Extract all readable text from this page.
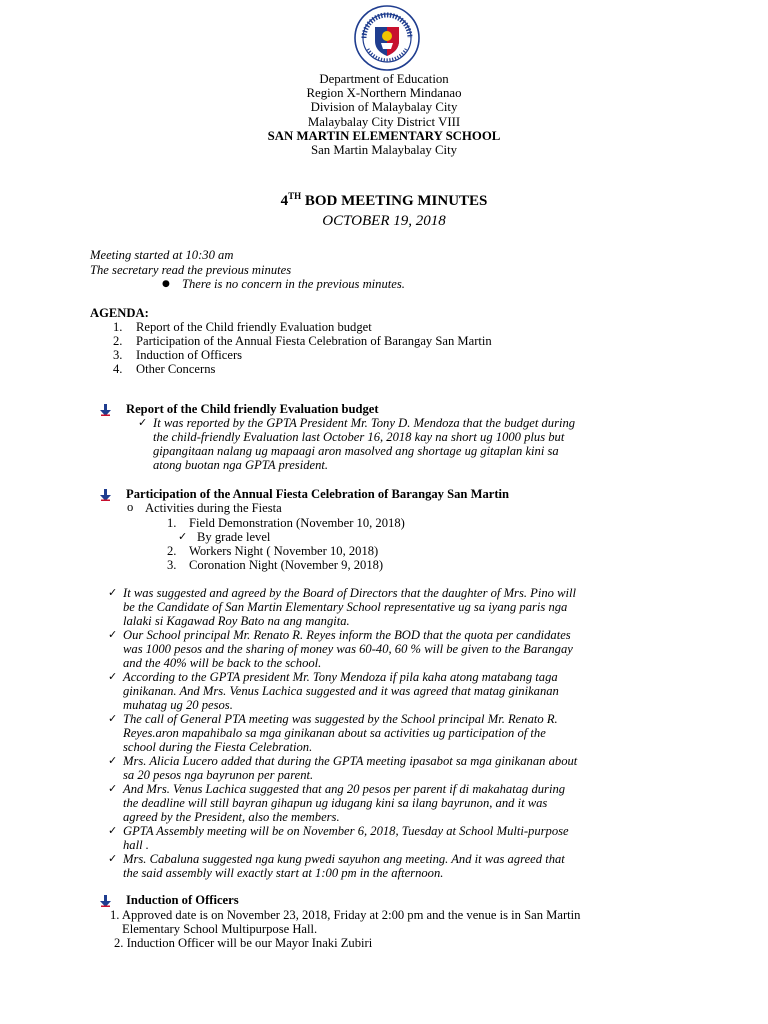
Department of Education
Region X-Northern Mindanao
Division of Malaybalay City
Malaybalay City District VIII
SAN MARTIN ELEMENTARY SCHOOL
San Martin Malaybalay City
4TH BOD MEETING MINUTES
OCTOBER 19, 2018
Meeting started at 10:30 am
The secretary read the previous minutes
● There is no concern in the previous minutes.
AGENDA:
1. Report of the Child friendly Evaluation budget
2. Participation of the Annual Fiesta Celebration of Barangay San Martin
3. Induction of Officers
4. Other Concerns
Report of the Child friendly Evaluation budget
✓ It was reported by the GPTA President Mr. Tony D. Mendoza that the budget during
the child-friendly Evaluation last October 16, 2018 kay na short ug 1000 plus but
gipangitaan nalang ug mapaagi aron masolved ang shortage ug gitaplan kini sa
atong buotan nga GPTA president.
Participation of the Annual Fiesta Celebration of Barangay San Martin
o Activities during the Fiesta
1. Field Demonstration (November 10, 2018)
✓ By grade level
2. Workers Night ( November 10, 2018)
3. Coronation Night (November 9, 2018)
✓ It was suggested and agreed by the Board of Directors that the daughter of Mrs. Pino will
be the Candidate of San Martin Elementary School representative ug sa iyang paris nga
lalaki si Kagawad Roy Bato na ang mangita.
✓ Our School principal Mr. Renato R. Reyes inform the BOD that the quota per candidates
was 1000 pesos and the sharing of money was 60-40, 60 % will be given to the Barangay
and the 40% will be back to the school.
✓ According to the GPTA president Mr. Tony Mendoza if pila kaha atong matabang taga
ginikanan. And Mrs. Venus Lachica suggested and it was agreed that matag ginikanan
muhatag ug 20 pesos.
✓ The call of General PTA meeting was suggested by the School principal Mr. Renato R.
Reyes.aron mapahibalo sa mga ginikanan about sa activities ug participation of the
school during the Fiesta Celebration.
✓ Mrs. Alicia Lucero added that during the GPTA meeting ipasabot sa mga ginikanan about
sa 20 pesos nga bayrunon per parent.
✓ And Mrs. Venus Lachica suggested that ang 20 pesos per parent if di makahatag during
the deadline will still bayran gihapun ug idugang kini sa ilang bayrunon, and it was
agreed by the President, also the members.
✓ GPTA Assembly meeting will be on November 6, 2018, Tuesday at School Multi-purpose
hall .
✓ Mrs. Cabaluna suggested nga kung pwedi sayuhon ang meeting. And it was agreed that
the said assembly will exactly start at 1:00 pm in the afternoon.
Induction of Officers
1. Approved date is on November 23, 2018, Friday at 2:00 pm and the venue is in San Martin
Elementary School Multipurpose Hall.
2. Induction Officer will be our Mayor Inaki Zubiri
